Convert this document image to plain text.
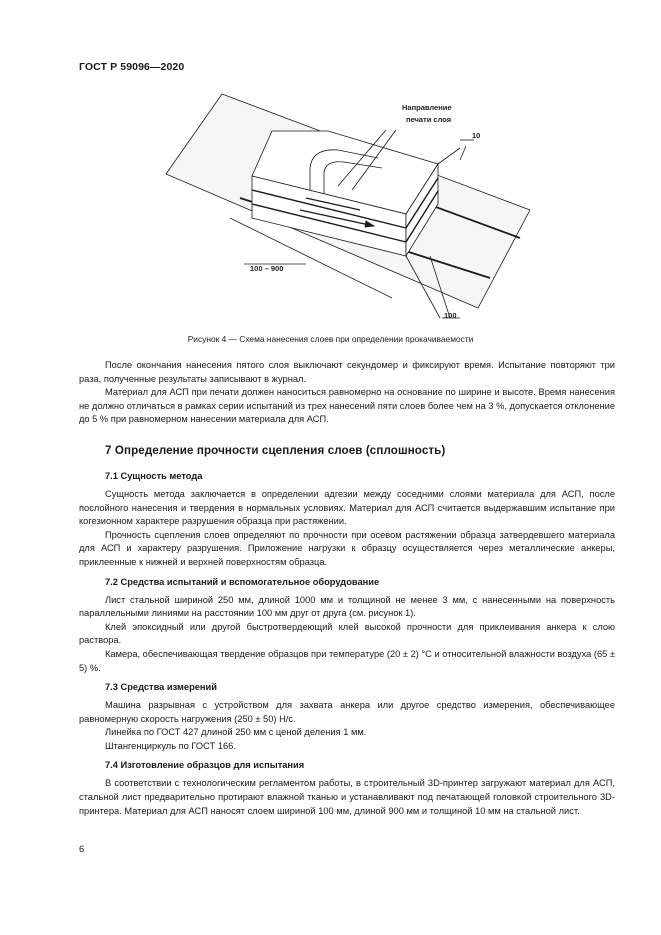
ГОСТ Р 59096—2020
Направление
печати слоя
10
100 – 900
100
Рисунок 4 — Схема нанесения слоев при определении прокачиваемости

После окончания нанесения пятого слоя выключают секундомер и фиксируют время. Испытание повторяют три раза, полученные результаты записывают в журнал.

Материал для АСП при печати должен наноситься равномерно на основание по ширине и высоте. Время нанесения не должно отличаться в рамках серии испытаний из трех нанесений пяти слоев более чем на 3 %, допускается отклонение до 5 % при равномерном нанесении материала для АСП.

7 Определение прочности сцепления слоев (сплошность)
7.1 Сущность метода

Сущность метода заключается в определении адгезии между соседними слоями материала для АСП, после послойного нанесения и твердения в нормальных условиях. Материал для АСП считается выдержавшим испытание при когезионном характере разрушения образца при растяжении.

Прочность сцепления слоев определяют по прочности при осевом растяжении образца затвердевшего материала для АСП и характеру разрушения. Приложение нагрузки к образцу осуществляется через металлические анкеры, приклеенные к нижней и верхней поверхностям образца.

7.2 Средства испытаний и вспомогательное оборудование

Лист стальной шириной 250 мм, длиной 1000 мм и толщиной не менее 3 мм, с нанесенными на поверхность параллельными линиями на расстоянии 100 мм друг от друга (см. рисунок 1).

Клей эпоксидный или другой быстротвердеющий клей высокой прочности для приклеивания анкера к слою раствора.

Камера, обеспечивающая твердение образцов при температуре (20 ± 2) °С и относительной влажности воздуха (65 ± 5) %.

7.3 Средства измерений

Машина разрывная с устройством для захвата анкера или другое средство измерения, обеспечивающее равномерную скорость нагружения (250 ± 50) Н/с.

Линейка по ГОСТ 427 длиной 250 мм с ценой деления 1 мм.

Штангенциркуль по ГОСТ 166.

7.4 Изготовление образцов для испытания

В соответствии с технологическим регламентом работы, в строительный 3D-принтер загружают материал для АСП, стальной лист предварительно протирают влажной тканью и устанавливают под печатающей головкой строительного 3D-принтера. Материал для АСП наносят слоем шириной 100 мм, длиной 900 мм и толщиной 10 мм на стальной лист.

6
